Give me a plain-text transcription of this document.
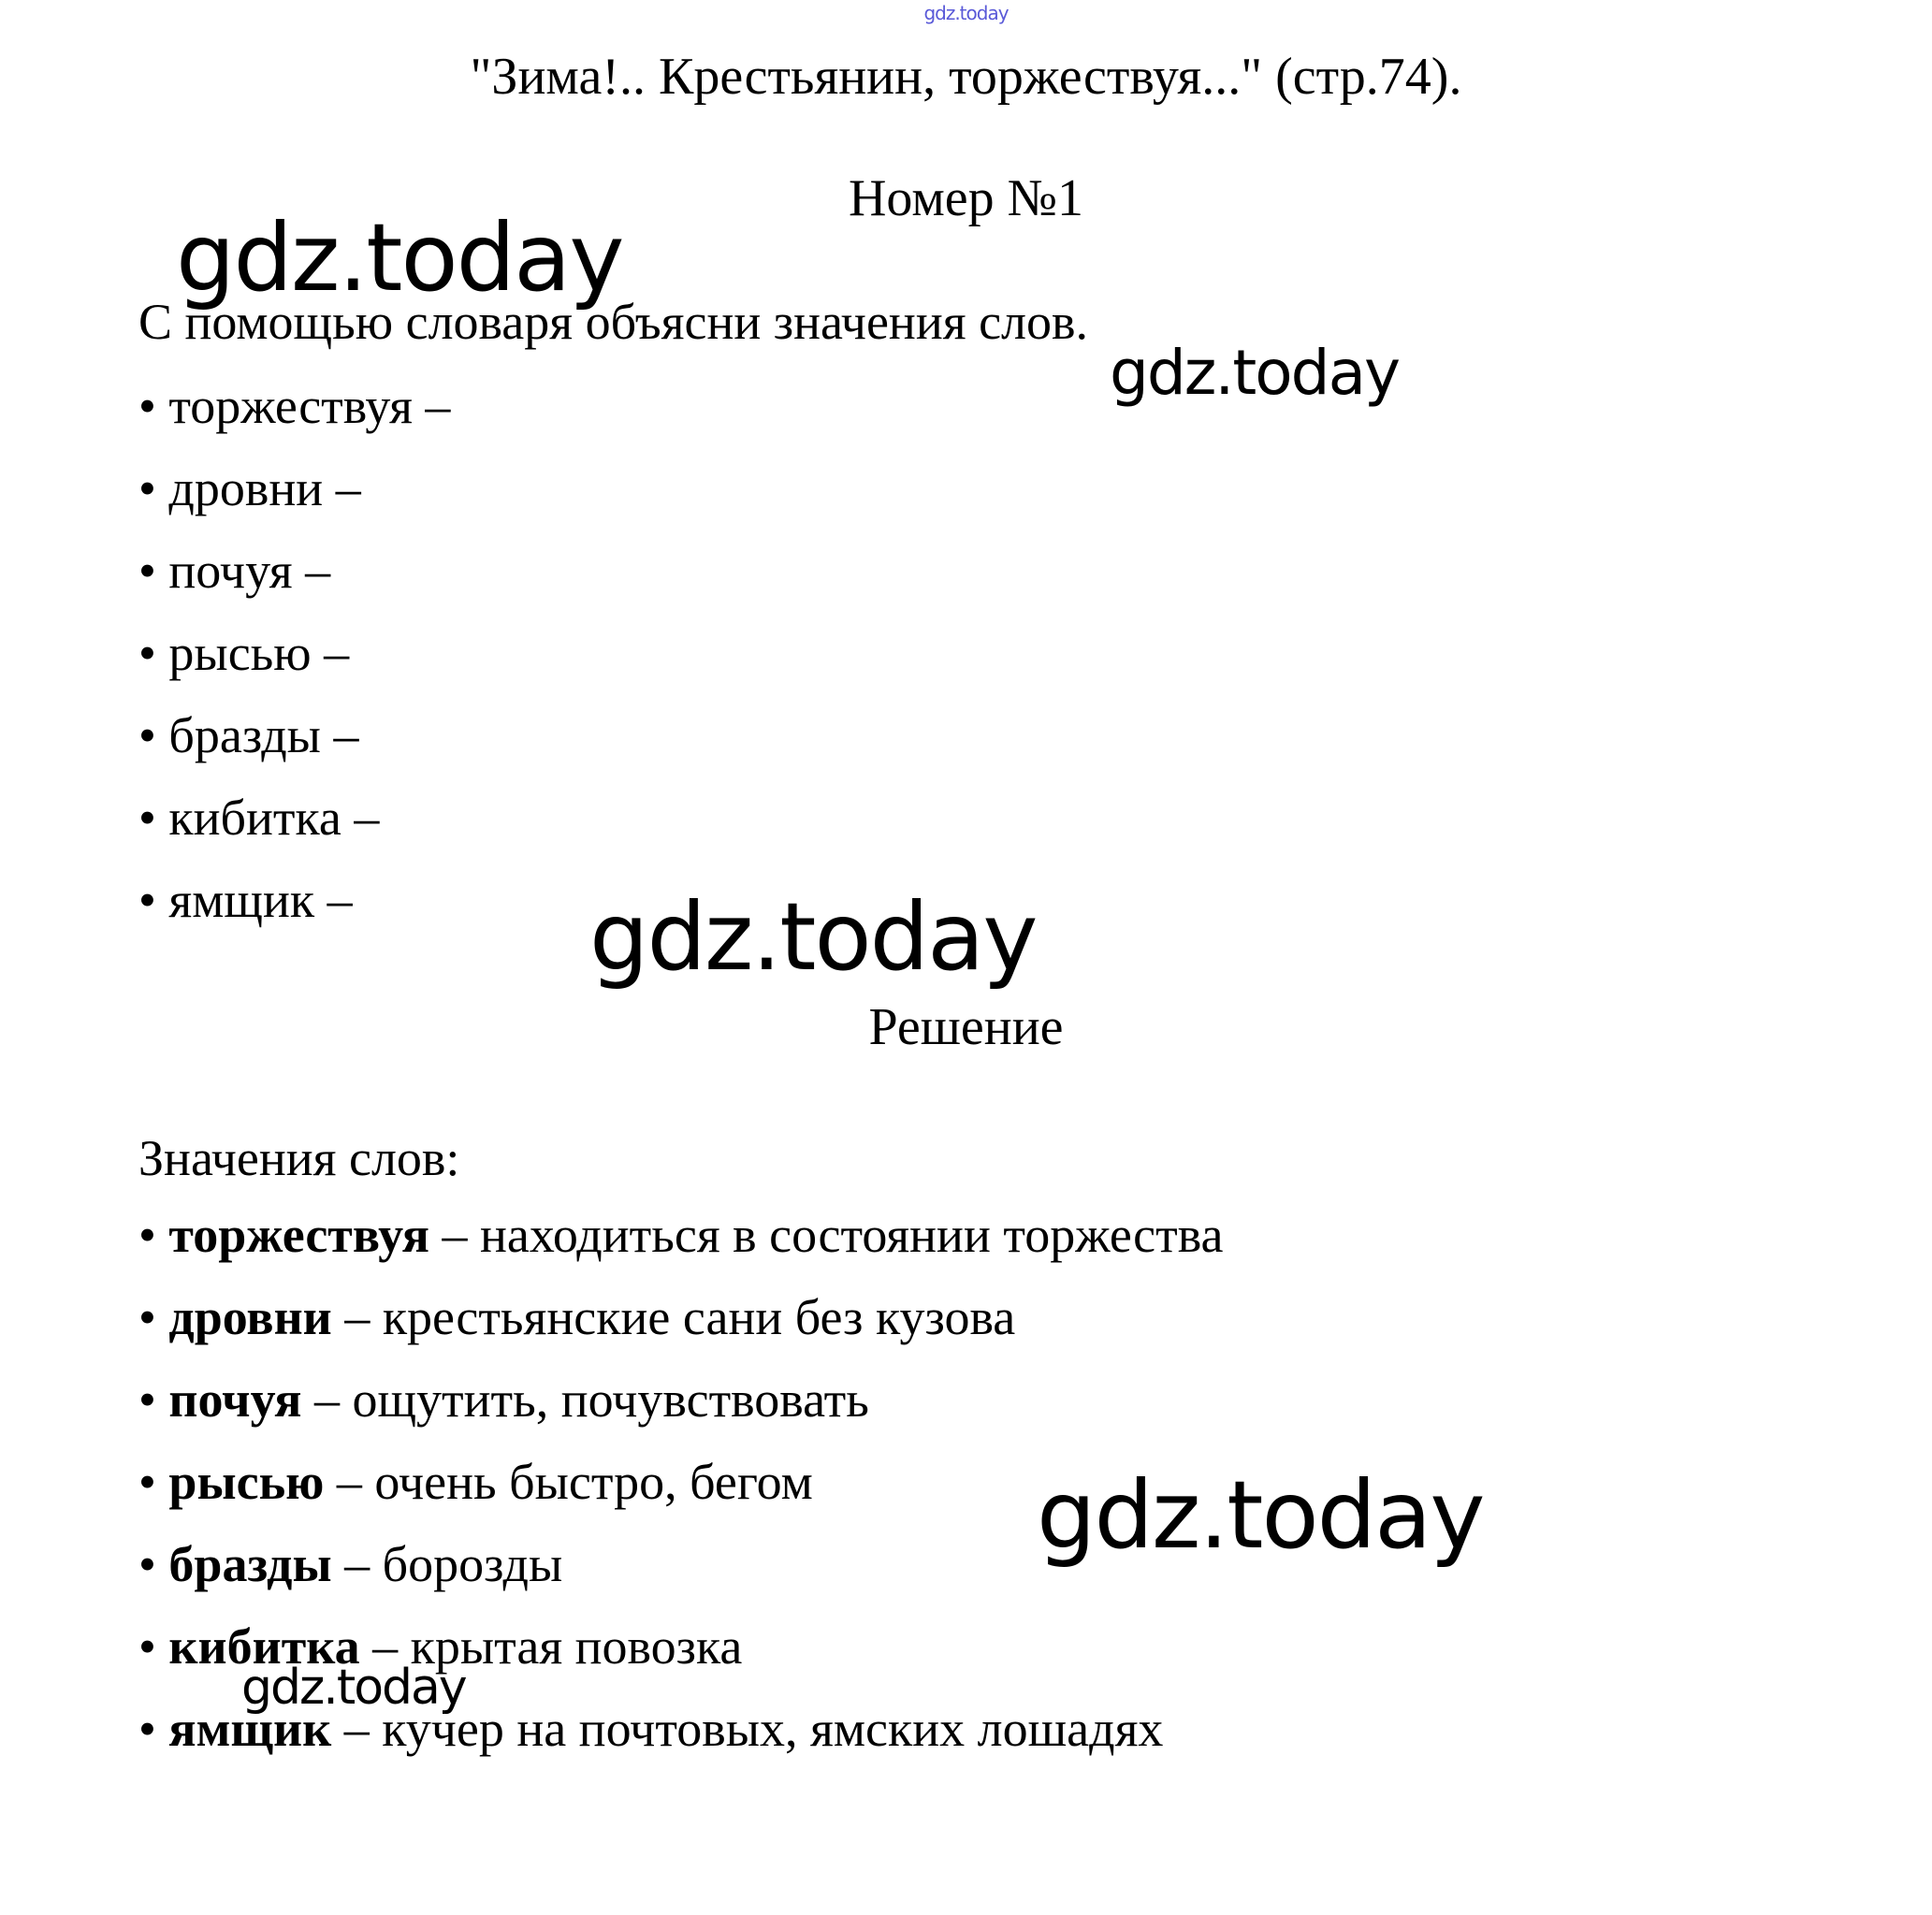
gdz.today
"Зима!.. Крестьянин, торжествуя..." (стр.74).
Номер №1
С помощью словаря объясни значения слов.
• торжествуя –
• дровни –
• почуя –
• рысью –
• бразды –
• кибитка –
• ямщик –
Решение
Значения слов:
• торжествуя – находиться в состоянии торжества
• дровни – крестьянские сани без кузова
• почуя – ощутить, почувствовать
• рысью – очень быстро, бегом
• бразды – борозды
• кибитка – крытая повозка
• ямщик – кучер на почтовых, ямских лошадях
gdz.today
gdz.today
gdz.today
gdz.today
gdz.today
